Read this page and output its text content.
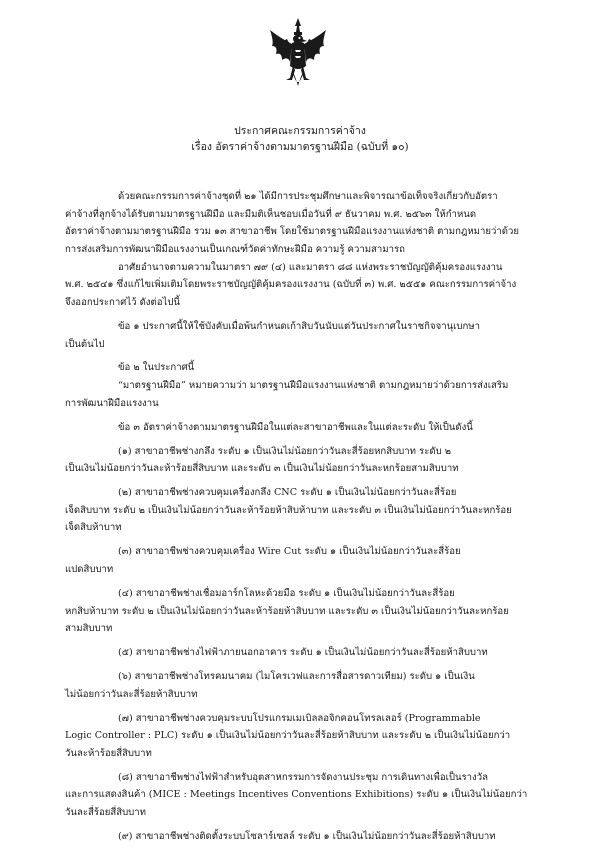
ประกาศคณะกรรมการค่าจ้าง
เรื่อง อัตราค่าจ้างตามมาตรฐานฝีมือ (ฉบับที่ ๑๐)
ด้วยคณะกรรมการค่าจ้างชุดที่ ๒๑ ได้มีการประชุมศึกษาและพิจารณาข้อเท็จจริงเกี่ยวกับอัตรา
ค่าจ้างที่ลูกจ้างได้รับตามมาตรฐานฝีมือ และมีมติเห็นชอบเมื่อวันที่ ๙ ธันวาคม พ.ศ. ๒๕๖๓ ให้กำหนด
อัตราค่าจ้างตามมาตรฐานฝีมือ รวม ๑๓ สาขาอาชีพ โดยใช้มาตรฐานฝีมือแรงงานแห่งชาติ ตามกฎหมายว่าด้วย
การส่งเสริมการพัฒนาฝีมือแรงงานเป็นเกณฑ์วัดค่าทักษะฝีมือ ความรู้ ความสามารถ
อาศัยอำนาจตามความในมาตรา ๗๙ (๔) และมาตรา ๘๘ แห่งพระราชบัญญัติคุ้มครองแรงงาน
พ.ศ. ๒๕๔๑ ซึ่งแก้ไขเพิ่มเติมโดยพระราชบัญญัติคุ้มครองแรงงาน (ฉบับที่ ๓) พ.ศ. ๒๕๕๑ คณะกรรมการค่าจ้าง
จึงออกประกาศไว้ ดังต่อไปนี้
ข้อ ๑ ประกาศนี้ให้ใช้บังคับเมื่อพ้นกำหนดเก้าสิบวันนับแต่วันประกาศในราชกิจจานุเบกษา
เป็นต้นไป
ข้อ ๒ ในประกาศนี้
“มาตรฐานฝีมือ” หมายความว่า มาตรฐานฝีมือแรงงานแห่งชาติ ตามกฎหมายว่าด้วยการส่งเสริม
การพัฒนาฝีมือแรงงาน
ข้อ ๓ อัตราค่าจ้างตามมาตรฐานฝีมือในแต่ละสาขาอาชีพและในแต่ละระดับ ให้เป็นดังนี้
(๑) สาขาอาชีพช่างกลึง ระดับ ๑ เป็นเงินไม่น้อยกว่าวันละสี่ร้อยหกสิบบาท ระดับ ๒
เป็นเงินไม่น้อยกว่าวันละห้าร้อยสี่สิบบาท และระดับ ๓ เป็นเงินไม่น้อยกว่าวันละหกร้อยสามสิบบาท
(๒) สาขาอาชีพช่างควบคุมเครื่องกลึง CNC ระดับ ๑ เป็นเงินไม่น้อยกว่าวันละสี่ร้อย
เจ็ดสิบบาท ระดับ ๒ เป็นเงินไม่น้อยกว่าวันละห้าร้อยห้าสิบห้าบาท และระดับ ๓ เป็นเงินไม่น้อยกว่าวันละหกร้อย
เจ็ดสิบห้าบาท
(๓) สาขาอาชีพช่างควบคุมเครื่อง Wire Cut ระดับ ๑ เป็นเงินไม่น้อยกว่าวันละสี่ร้อย
แปดสิบบาท
(๔) สาขาอาชีพช่างเชื่อมอาร์กโลหะด้วยมือ ระดับ ๑ เป็นเงินไม่น้อยกว่าวันละสี่ร้อย
หกสิบห้าบาท ระดับ ๒ เป็นเงินไม่น้อยกว่าวันละห้าร้อยห้าสิบบาท และระดับ ๓ เป็นเงินไม่น้อยกว่าวันละหกร้อย
สามสิบบาท
(๕) สาขาอาชีพช่างไฟฟ้าภายนอกอาคาร ระดับ ๑ เป็นเงินไม่น้อยกว่าวันละสี่ร้อยห้าสิบบาท
(๖) สาขาอาชีพช่างโทรคมนาคม (ไมโครเวฟและการสื่อสารดาวเทียม) ระดับ ๑ เป็นเงิน
ไม่น้อยกว่าวันละสี่ร้อยห้าสิบบาท
(๗) สาขาอาชีพช่างควบคุมระบบโปรแกรมเมเบิลลอจิกคอนโทรลเลอร์ (Programmable
Logic Controller : PLC) ระดับ ๑ เป็นเงินไม่น้อยกว่าวันละสี่ร้อยห้าสิบบาท และระดับ ๒ เป็นเงินไม่น้อยกว่า
วันละห้าร้อยสี่สิบบาท
(๘) สาขาอาชีพช่างไฟฟ้าสำหรับอุตสาหกรรมการจัดงานประชุม การเดินทางเพื่อเป็นรางวัล
และการแสดงสินค้า (MICE : Meetings Incentives Conventions Exhibitions) ระดับ ๑ เป็นเงินไม่น้อยกว่า
วันละสี่ร้อยสี่สิบบาท
(๙) สาขาอาชีพช่างติดตั้งระบบโซลาร์เซลล์ ระดับ ๑ เป็นเงินไม่น้อยกว่าวันละสี่ร้อยห้าสิบบาท
